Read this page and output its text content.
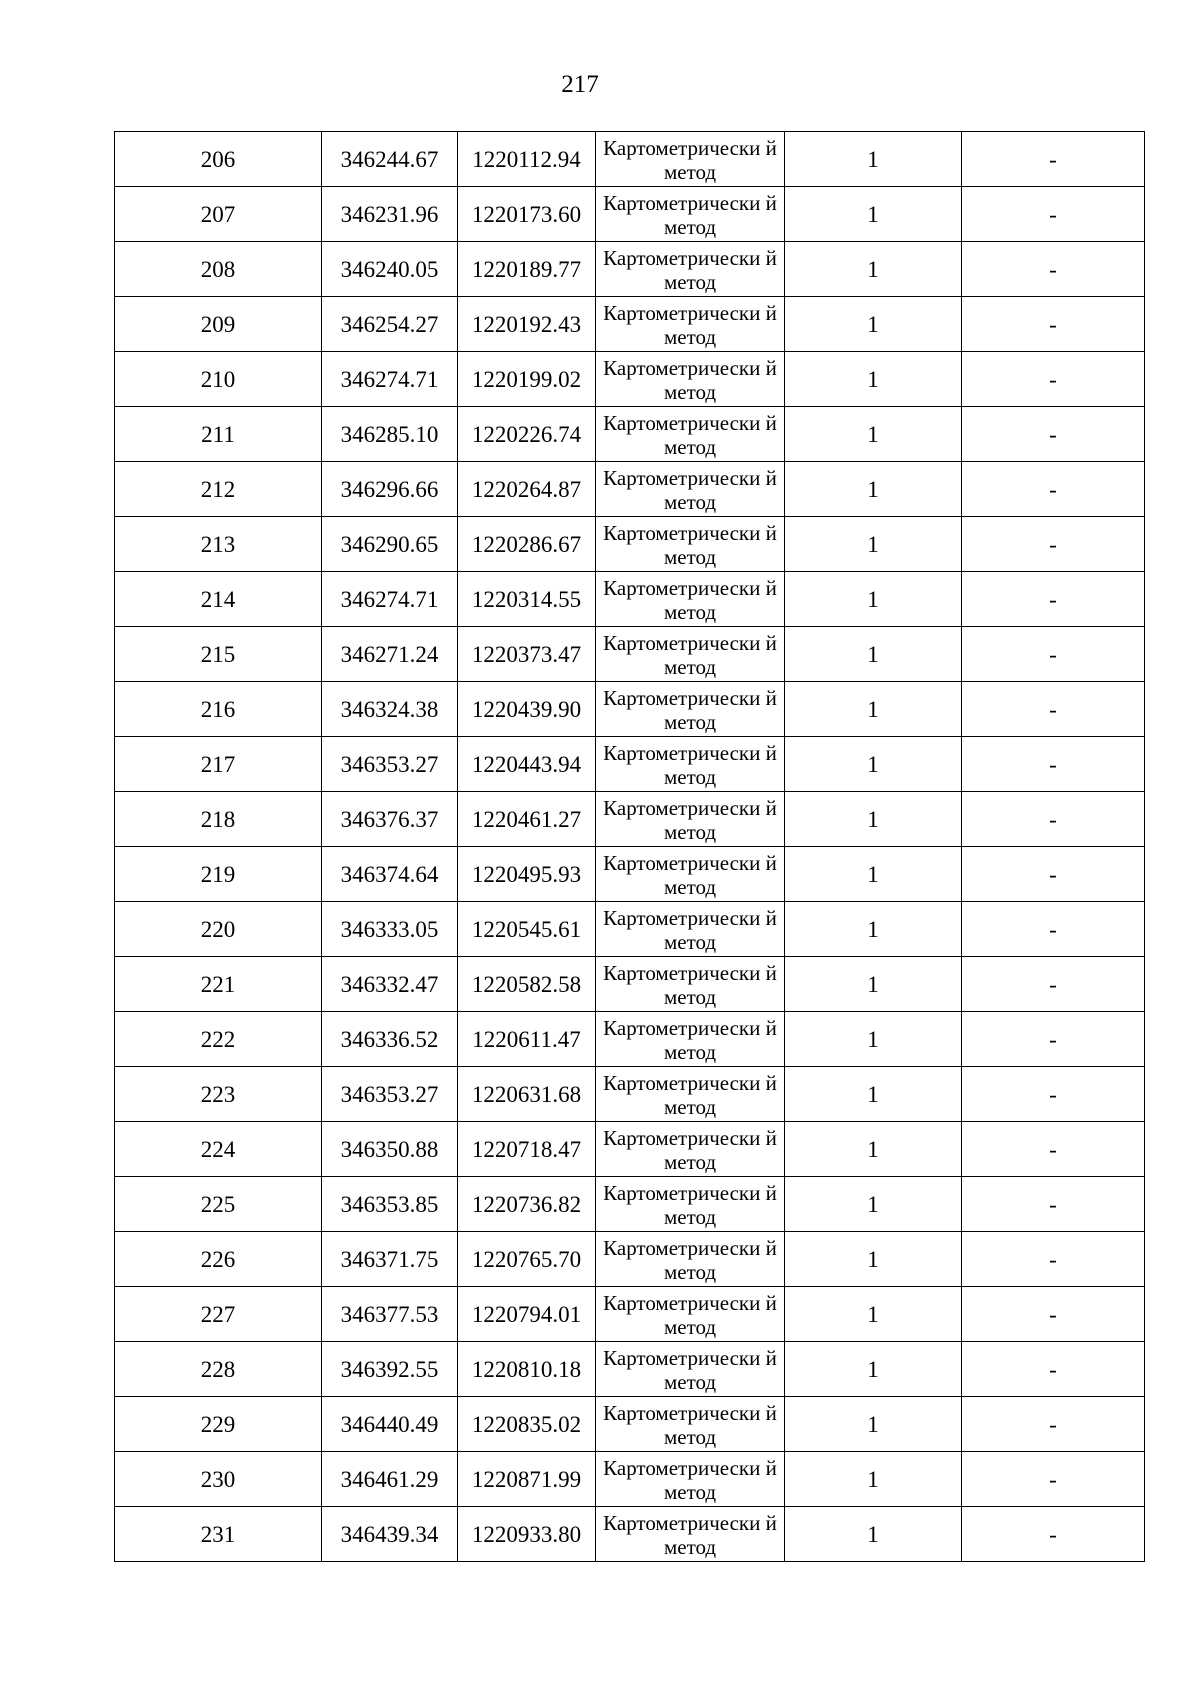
217
206	346244.67	1220112.94	Картометрически й метод	1	-
207	346231.96	1220173.60	Картометрически й метод	1	-
208	346240.05	1220189.77	Картометрически й метод	1	-
209	346254.27	1220192.43	Картометрически й метод	1	-
210	346274.71	1220199.02	Картометрически й метод	1	-
211	346285.10	1220226.74	Картометрически й метод	1	-
212	346296.66	1220264.87	Картометрически й метод	1	-
213	346290.65	1220286.67	Картометрически й метод	1	-
214	346274.71	1220314.55	Картометрически й метод	1	-
215	346271.24	1220373.47	Картометрически й метод	1	-
216	346324.38	1220439.90	Картометрически й метод	1	-
217	346353.27	1220443.94	Картометрически й метод	1	-
218	346376.37	1220461.27	Картометрически й метод	1	-
219	346374.64	1220495.93	Картометрически й метод	1	-
220	346333.05	1220545.61	Картометрически й метод	1	-
221	346332.47	1220582.58	Картометрически й метод	1	-
222	346336.52	1220611.47	Картометрически й метод	1	-
223	346353.27	1220631.68	Картометрически й метод	1	-
224	346350.88	1220718.47	Картометрически й метод	1	-
225	346353.85	1220736.82	Картометрически й метод	1	-
226	346371.75	1220765.70	Картометрически й метод	1	-
227	346377.53	1220794.01	Картометрически й метод	1	-
228	346392.55	1220810.18	Картометрически й метод	1	-
229	346440.49	1220835.02	Картометрически й метод	1	-
230	346461.29	1220871.99	Картометрически й метод	1	-
231	346439.34	1220933.80	Картометрически й метод	1	-
